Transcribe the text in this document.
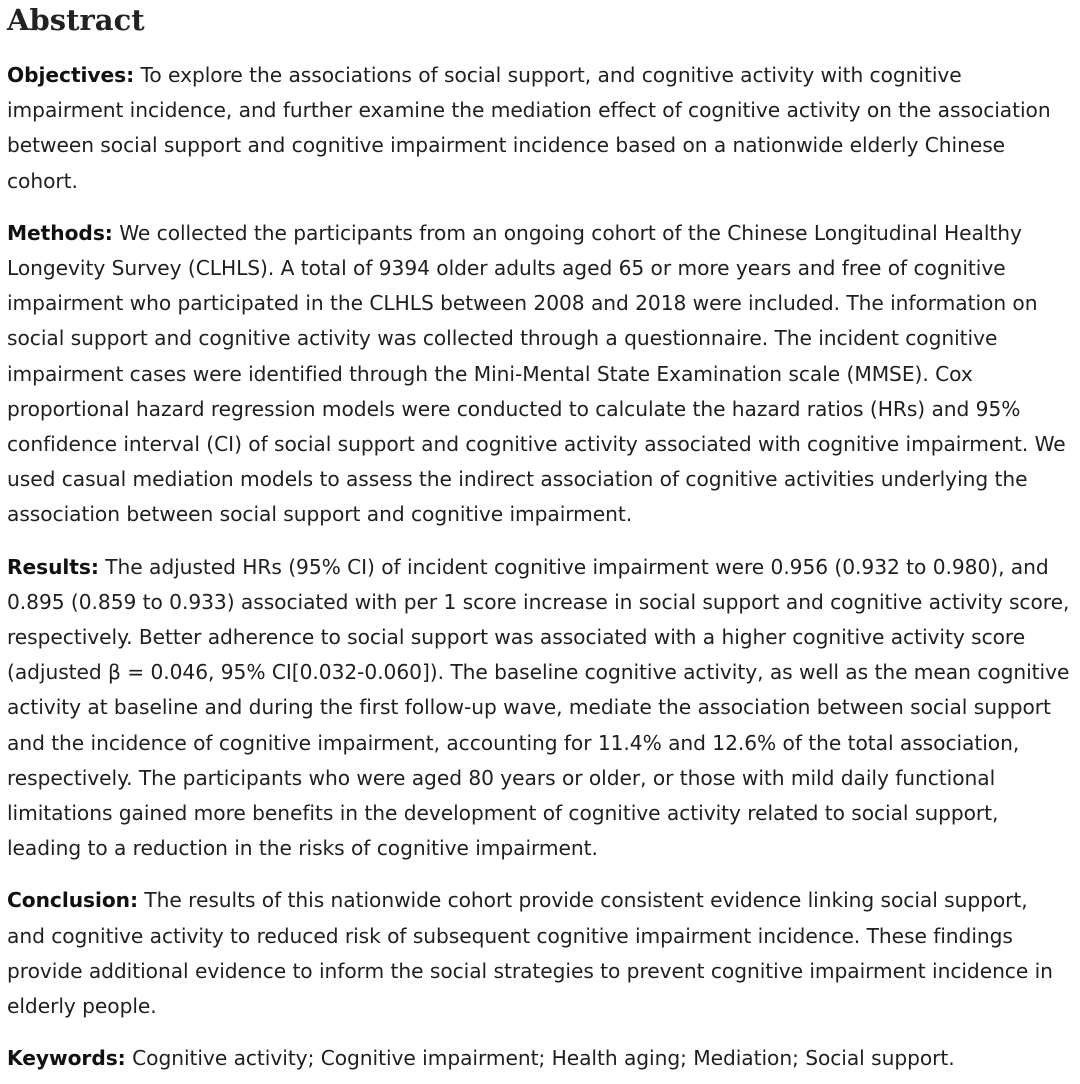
Abstract

Objectives: To explore the associations of social support, and cognitive activity with cognitive impairment incidence, and further examine the mediation effect of cognitive activity on the association between social support and cognitive impairment incidence based on a nationwide elderly Chinese cohort.

Methods: We collected the participants from an ongoing cohort of the Chinese Longitudinal Healthy Longevity Survey (CLHLS). A total of 9394 older adults aged 65 or more years and free of cognitive impairment who participated in the CLHLS between 2008 and 2018 were included. The information on social support and cognitive activity was collected through a questionnaire. The incident cognitive impairment cases were identified through the Mini-Mental State Examination scale (MMSE). Cox proportional hazard regression models were conducted to calculate the hazard ratios (HRs) and 95% confidence interval (CI) of social support and cognitive activity associated with cognitive impairment. We used casual mediation models to assess the indirect association of cognitive activities underlying the association between social support and cognitive impairment.

Results: The adjusted HRs (95% CI) of incident cognitive impairment were 0.956 (0.932 to 0.980), and 0.895 (0.859 to 0.933) associated with per 1 score increase in social support and cognitive activity score, respectively. Better adherence to social support was associated with a higher cognitive activity score (adjusted β = 0.046, 95% CI[0.032-0.060]). The baseline cognitive activity, as well as the mean cognitive activity at baseline and during the first follow-up wave, mediate the association between social support and the incidence of cognitive impairment, accounting for 11.4% and 12.6% of the total association, respectively. The participants who were aged 80 years or older, or those with mild daily functional limitations gained more benefits in the development of cognitive activity related to social support, leading to a reduction in the risks of cognitive impairment.

Conclusion: The results of this nationwide cohort provide consistent evidence linking social support, and cognitive activity to reduced risk of subsequent cognitive impairment incidence. These findings provide additional evidence to inform the social strategies to prevent cognitive impairment incidence in elderly people.

Keywords: Cognitive activity; Cognitive impairment; Health aging; Mediation; Social support.
